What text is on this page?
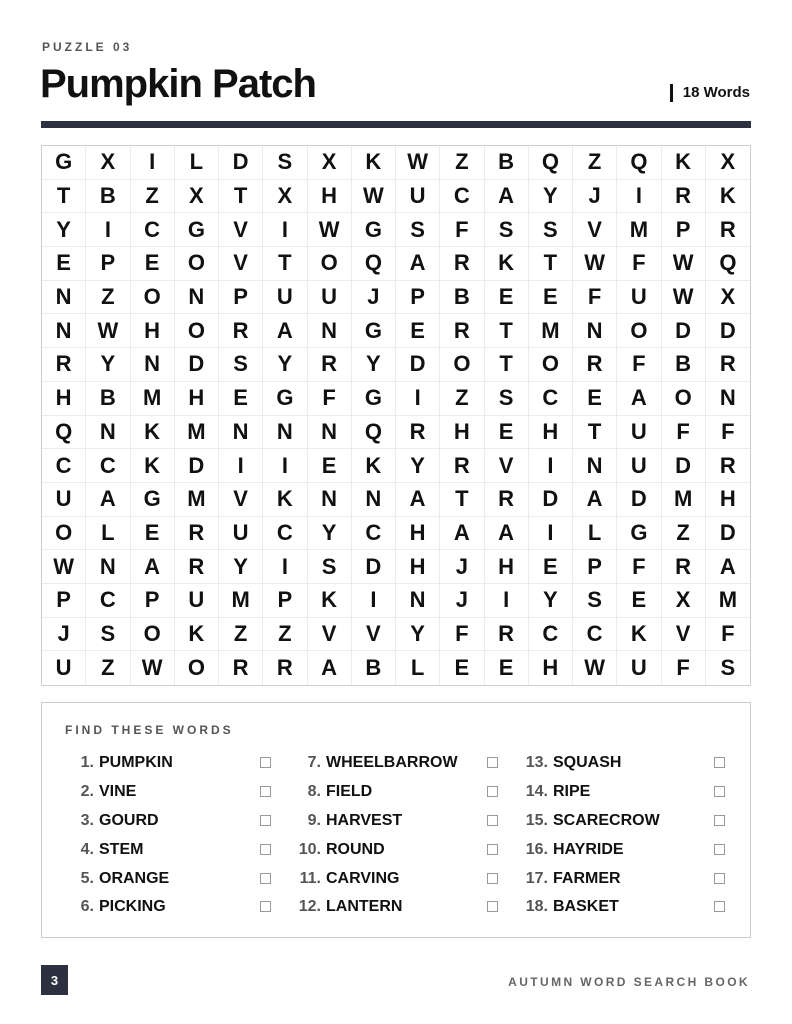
PUZZLE 03
Pumpkin Patch	18 Words
G	X	I	L	D	S	X	K	W	Z	B	Q	Z	Q	K	X
T	B	Z	X	T	X	H	W	U	C	A	Y	J	I	R	K
Y	I	C	G	V	I	W	G	S	F	S	S	V	M	P	R
E	P	E	O	V	T	O	Q	A	R	K	T	W	F	W	Q
N	Z	O	N	P	U	U	J	P	B	E	E	F	U	W	X
N	W	H	O	R	A	N	G	E	R	T	M	N	O	D	D
R	Y	N	D	S	Y	R	Y	D	O	T	O	R	F	B	R
H	B	M	H	E	G	F	G	I	Z	S	C	E	A	O	N
Q	N	K	M	N	N	N	Q	R	H	E	H	T	U	F	F
C	C	K	D	I	I	E	K	Y	R	V	I	N	U	D	R
U	A	G	M	V	K	N	N	A	T	R	D	A	D	M	H
O	L	E	R	U	C	Y	C	H	A	A	I	L	G	Z	D
W	N	A	R	Y	I	S	D	H	J	H	E	P	F	R	A
P	C	P	U	M	P	K	I	N	J	I	Y	S	E	X	M
J	S	O	K	Z	Z	V	V	Y	F	R	C	C	K	V	F
U	Z	W	O	R	R	A	B	L	E	E	H	W	U	F	S
FIND THESE WORDS
1. PUMPKIN
2. VINE
3. GOURD
4. STEM
5. ORANGE
6. PICKING
7. WHEELBARROW
8. FIELD
9. HARVEST
10. ROUND
11. CARVING
12. LANTERN
13. SQUASH
14. RIPE
15. SCARECROW
16. HAYRIDE
17. FARMER
18. BASKET
3	AUTUMN WORD SEARCH BOOK
